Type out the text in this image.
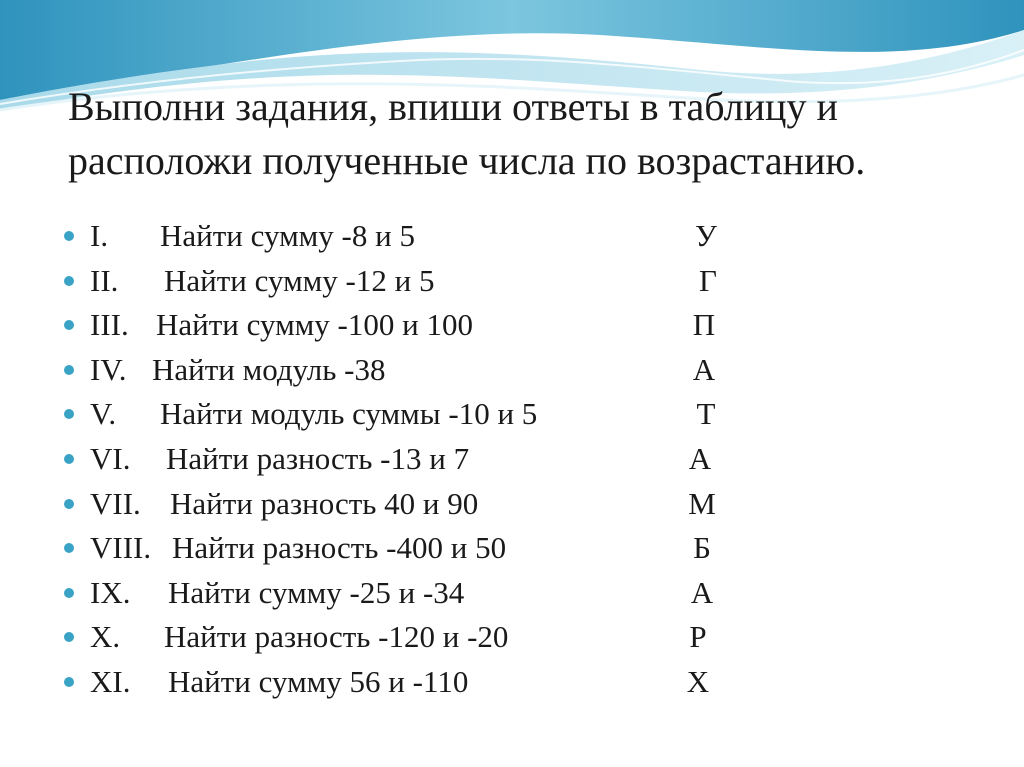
Выполни задания, впиши ответы в таблицу и
расположи полученные числа по возрастанию.
I. Найти сумму -8 и 5	У
II. Найти сумму -12 и 5	Г
III. Найти сумму -100 и 100	П
IV. Найти модуль -38	А
V. Найти модуль суммы -10 и 5	Т
VI. Найти разность -13 и 7	А
VII. Найти разность 40 и 90	М
VIII. Найти разность -400 и 50	Б
IX. Найти сумму -25 и -34	А
X. Найти разность -120 и -20	Р
XI. Найти сумму 56 и -110	Х
